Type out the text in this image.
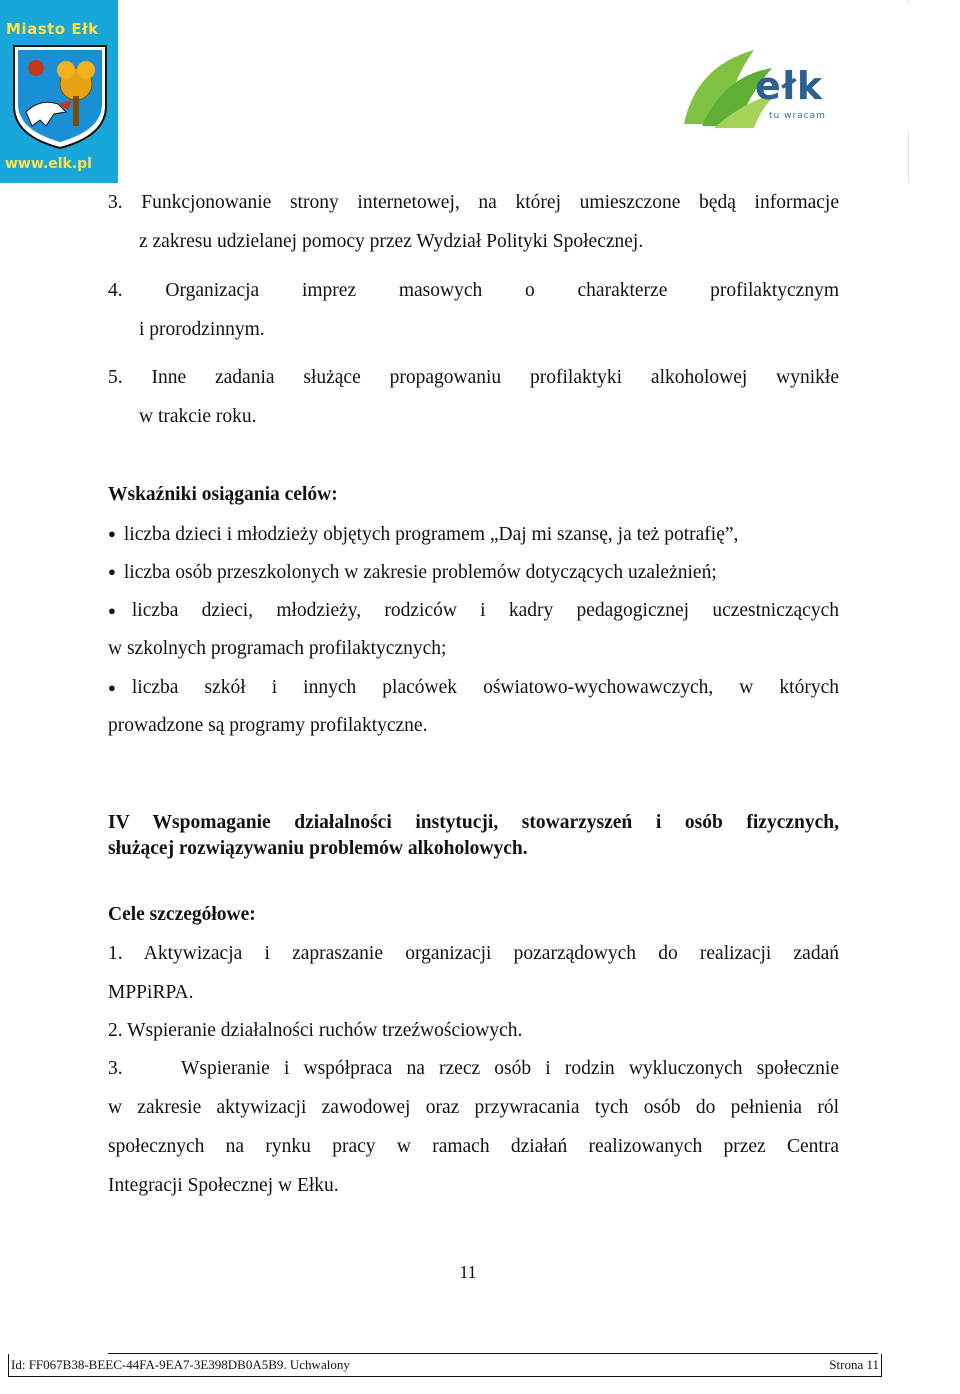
Miasto Ełk
www.elk.pl
ełk
tu wracam
3. Funkcjonowanie strony internetowej, na której umieszczone będą informacje
z zakresu udzielanej pomocy przez Wydział Polityki Społecznej.
4. Organizacja imprez masowych o charakterze profilaktycznym
i prorodzinnym.
5. Inne zadania służące propagowaniu profilaktyki alkoholowej wynikłe
w trakcie roku.
Wskaźniki osiągania celów:
● liczba dzieci i młodzieży objętych programem „Daj mi szansę, ja też potrafię”,
● liczba osób przeszkolonych w zakresie problemów dotyczących uzależnień;
● liczba dzieci, młodzieży, rodziców i kadry pedagogicznej uczestniczących
w szkolnych programach profilaktycznych;
● liczba szkół i innych placówek oświatowo-wychowawczych, w których
prowadzone są programy profilaktyczne.
IV Wspomaganie działalności instytucji, stowarzyszeń i osób fizycznych,
służącej rozwiązywaniu problemów alkoholowych.
Cele szczegółowe:
1. Aktywizacja i zapraszanie organizacji pozarządowych do realizacji zadań
MPPiRPA.
2. Wspieranie działalności ruchów trzeźwościowych.
3.	Wspieranie i współpraca na rzecz osób i rodzin wykluczonych społecznie
w zakresie aktywizacji zawodowej oraz przywracania tych osób do pełnienia ról
społecznych na rynku pracy w ramach działań realizowanych przez Centra
Integracji Społecznej w Ełku.
11
Id: FF067B38-BEEC-44FA-9EA7-3E398DB0A5B9. Uchwalony	Strona 11
